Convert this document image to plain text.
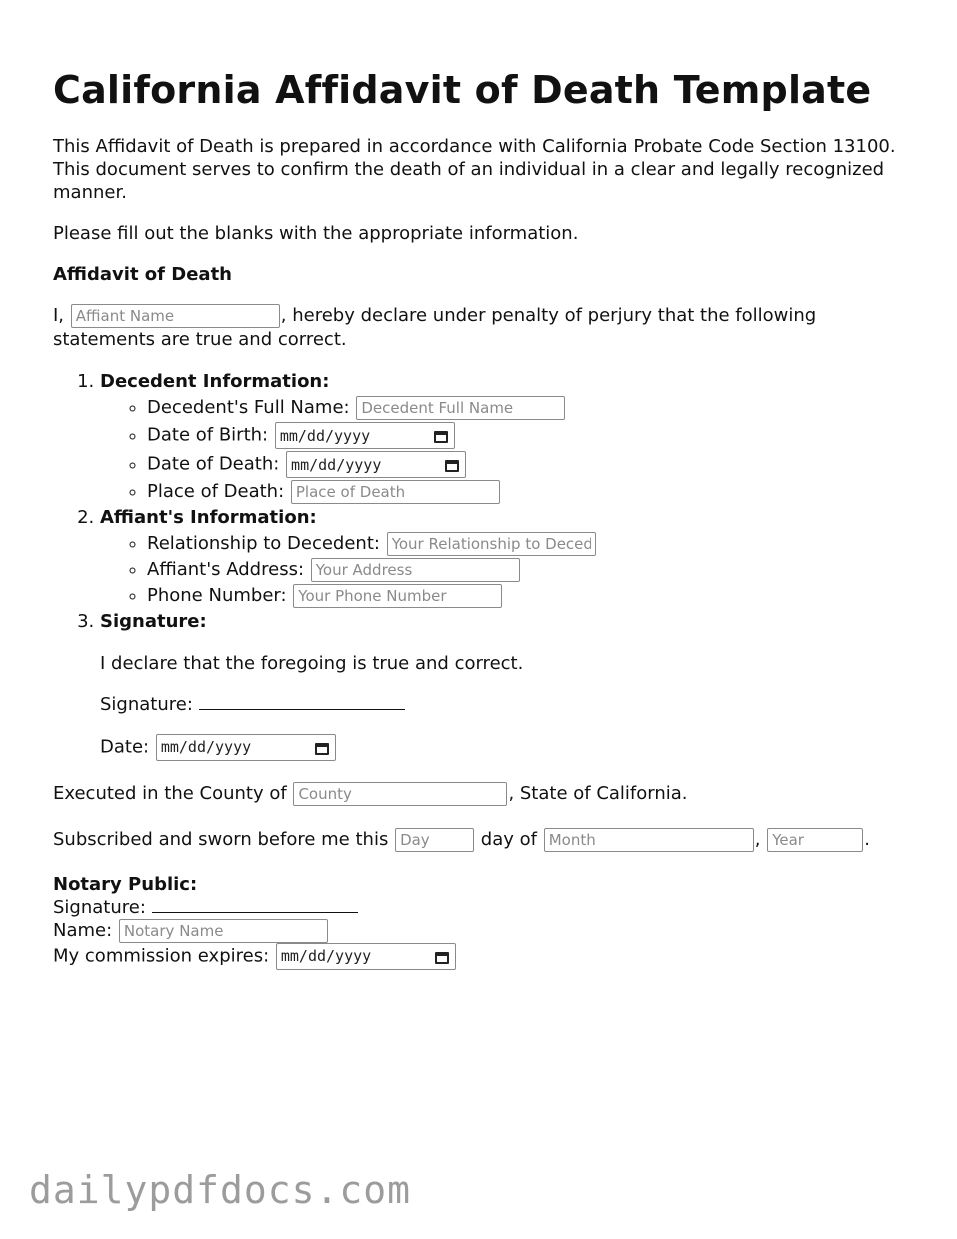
California Affidavit of Death Template

This Affidavit of Death is prepared in accordance with California Probate Code Section 13100. This document serves to confirm the death of an individual in a clear and legally recognized manner.

Please fill out the blanks with the appropriate information.

Affidavit of Death

I, Affiant Name	, hereby declare under penalty of perjury that the following statements are true and correct.

1. Decedent Information:
◦ Decedent's Full Name: Decedent Full Name
◦ Date of Birth: mm/dd/yyyy
◦ Date of Death: mm/dd/yyyy
◦ Place of Death: Place of Death
2. Affiant's Information:
◦ Relationship to Decedent: Your Relationship to Decedent
◦ Affiant's Address: Your Address
◦ Phone Number: Your Phone Number
3. Signature:

I declare that the foregoing is true and correct.

Signature:

Date: mm/dd/yyyy

Executed in the County of County	, State of California.

Subscribed and sworn before me this Day	day of Month	, Year	.

Notary Public:
Signature:
Name: Notary Name
My commission expires: mm/dd/yyyy
dailypdfdocs.com
